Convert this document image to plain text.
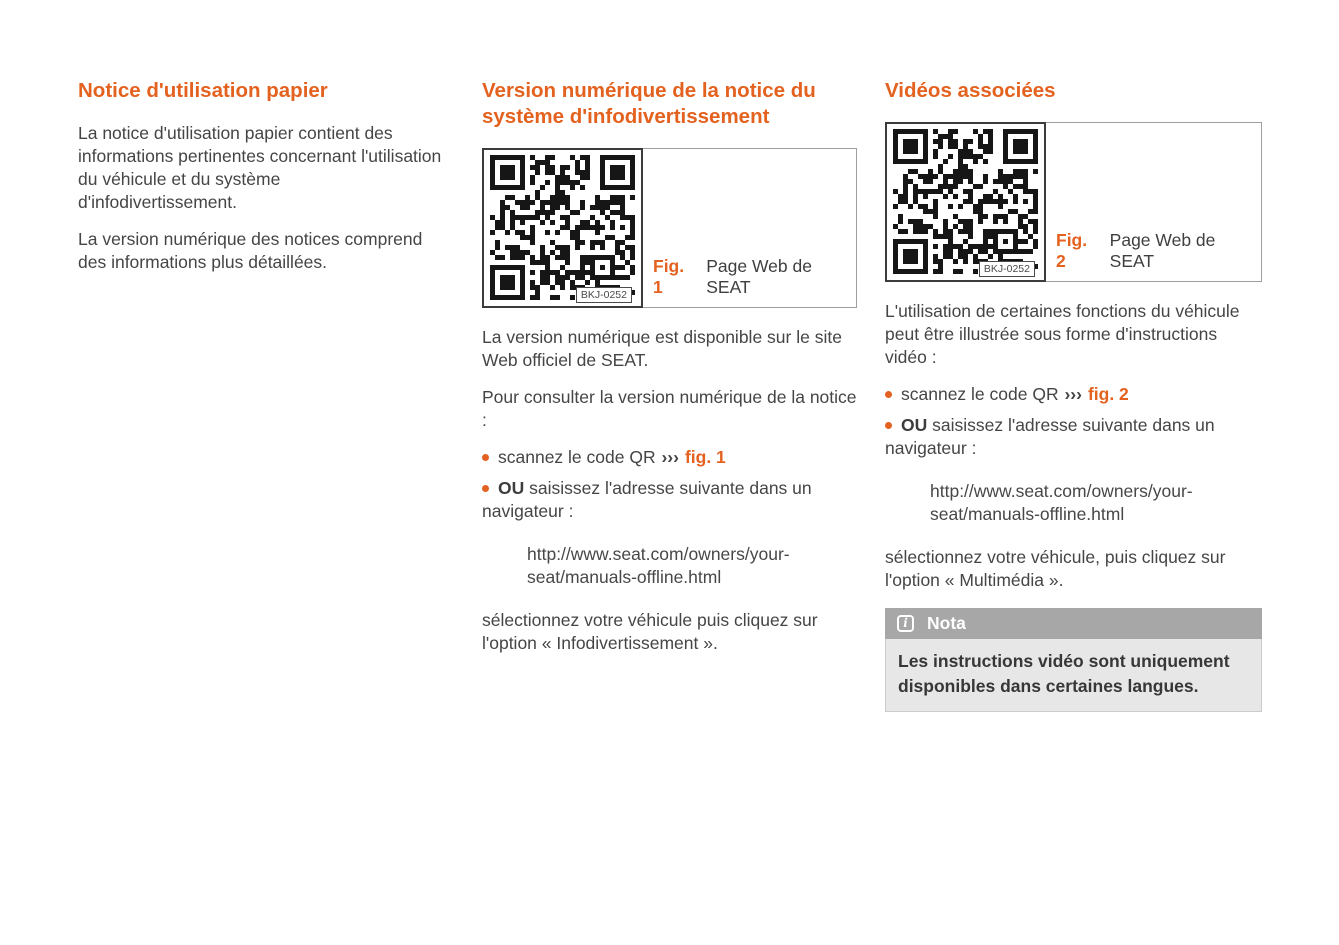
Notice d'utilisation papier

La notice d'utilisation papier contient des informations pertinentes concernant l'utilisation du véhicule et du système d'infodivertissement.

La version numérique des notices comprend des informations plus détaillées.

Version numérique de la notice du système d'infodivertissement
BKJ-0252
Fig. 1
Page Web de SEAT

La version numérique est disponible sur le site Web officiel de SEAT.

Pour consulter la version numérique de la notice :

scannez le code QR ››› fig. 1

OU saisissez l'adresse suivante dans un navigateur :

http://www.seat.com/owners/your-seat/manuals-offline.html

sélectionnez votre véhicule puis cliquez sur l'option « Infodivertissement ».

Vidéos associées
BKJ-0252
Fig. 2
Page Web de SEAT

L'utilisation de certaines fonctions du véhicule peut être illustrée sous forme d'instructions vidéo :

scannez le code QR ››› fig. 2

OU saisissez l'adresse suivante dans un navigateur :

http://www.seat.com/owners/your-seat/manuals-offline.html

sélectionnez votre véhicule, puis cliquez sur l'option « Multimédia ».

i	Nota
Les instructions vidéo sont uniquement disponibles dans certaines langues.
